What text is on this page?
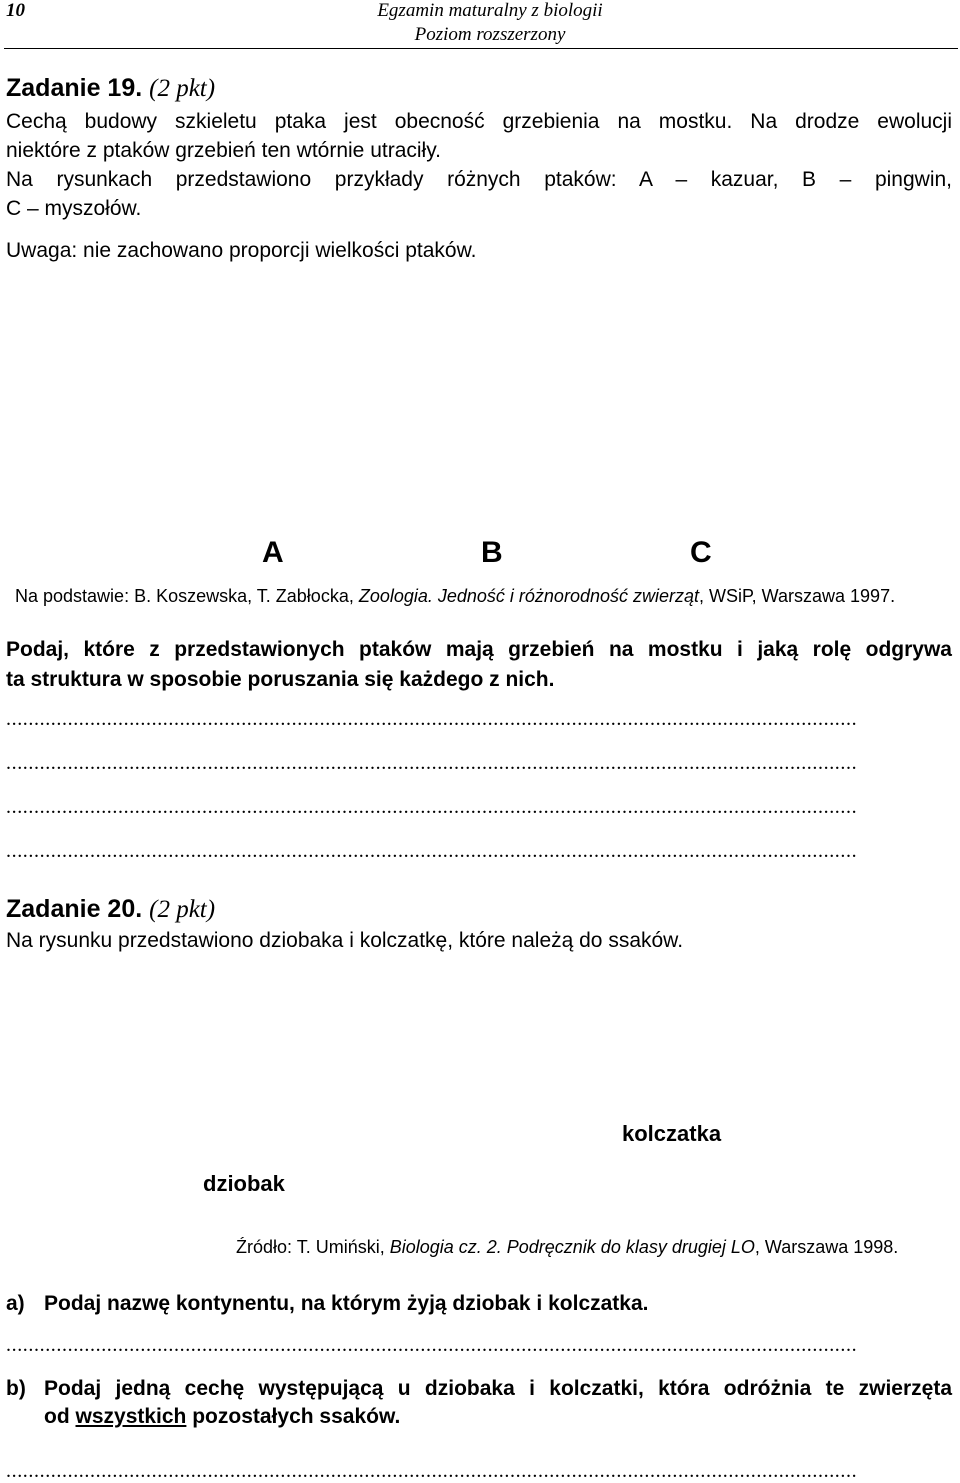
10	Egzamin maturalny z biologii
Poziom rozszerzony
Zadanie 19. (2 pkt)
Cechą budowy szkieletu ptaka jest obecność grzebienia na mostku. Na drodze ewolucji
niektóre z ptaków grzebień ten wtórnie utraciły.
Na rysunkach przedstawiono przykłady różnych ptaków: A – kazuar, B – pingwin,
C – myszołów.
Uwaga: nie zachowano proporcji wielkości ptaków.
A	B	C
Na podstawie: B. Koszewska, T. Zabłocka, Zoologia. Jedność i różnorodność zwierząt, WSiP, Warszawa 1997.
Podaj, które z przedstawionych ptaków mają grzebień na mostku i jaką rolę odgrywa
ta struktura w sposobie poruszania się każdego z nich.
........................................................................................................................................................
........................................................................................................................................................
........................................................................................................................................................
........................................................................................................................................................
Zadanie 20. (2 pkt)
Na rysunku przedstawiono dziobaka i kolczatkę, które należą do ssaków.
kolczatka
dziobak
Źródło: T. Umiński, Biologia cz. 2. Podręcznik do klasy drugiej LO, Warszawa 1998.
a) Podaj nazwę kontynentu, na którym żyją dziobak i kolczatka.
........................................................................................................................................................
b) Podaj jedną cechę występującą u dziobaka i kolczatki, która odróżnia te zwierzęta
od wszystkich pozostałych ssaków.
........................................................................................................................................................
